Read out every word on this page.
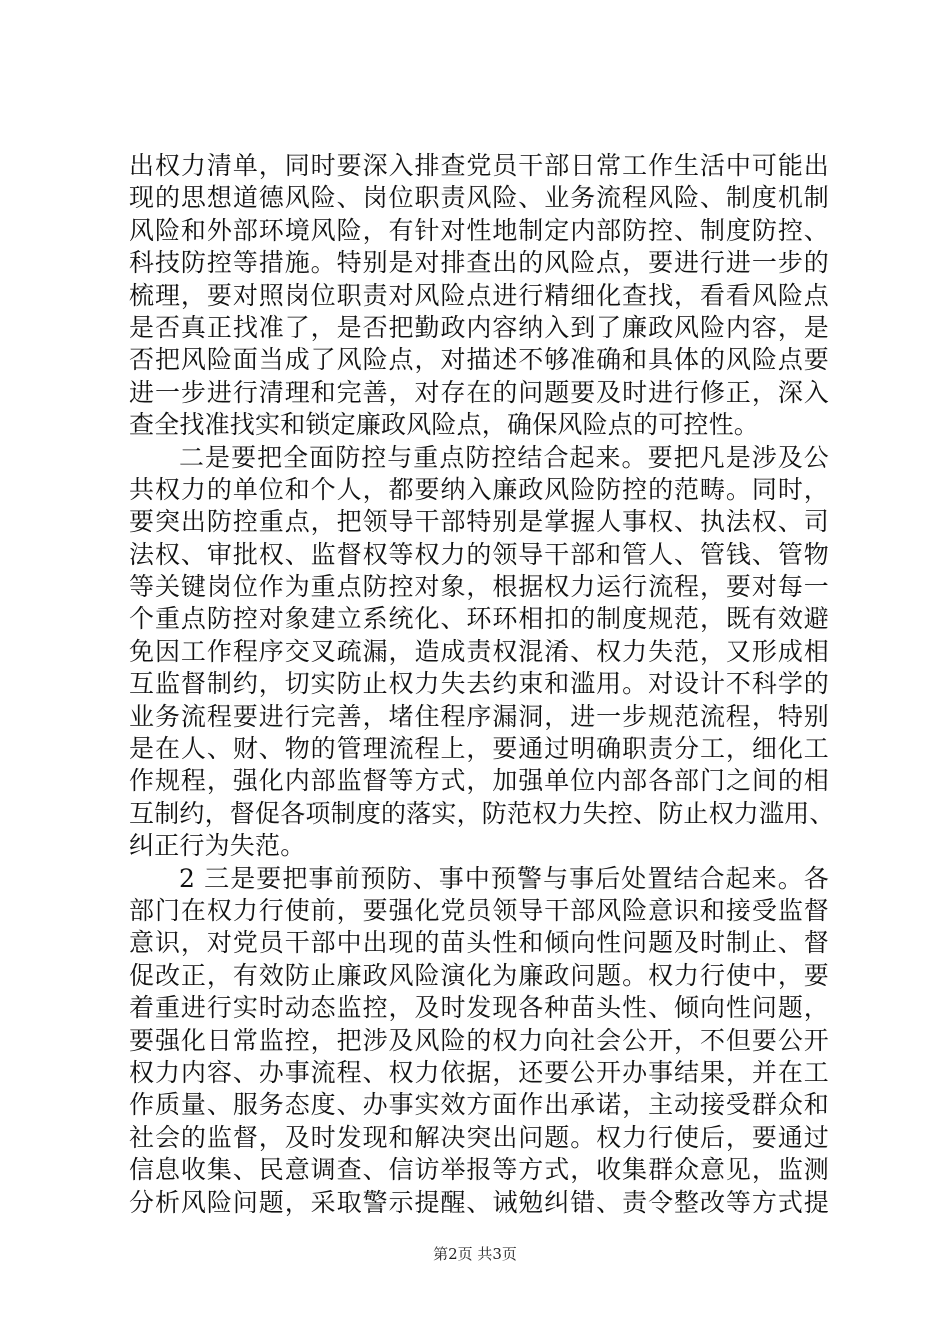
出权力清单，同时要深入排查党员干部日常工作生活中可能出
现的思想道德风险、岗位职责风险、业务流程风险、制度机制
风险和外部环境风险，有针对性地制定内部防控、制度防控、
科技防控等措施。特别是对排查出的风险点，要进行进一步的
梳理，要对照岗位职责对风险点进行精细化查找，看看风险点
是否真正找准了，是否把勤政内容纳入到了廉政风险内容，是
否把风险面当成了风险点，对描述不够准确和具体的风险点要
进一步进行清理和完善，对存在的问题要及时进行修正，深入
查全找准找实和锁定廉政风险点，确保风险点的可控性。
二是要把全面防控与重点防控结合起来。要把凡是涉及公
共权力的单位和个人，都要纳入廉政风险防控的范畴。同时，
要突出防控重点，把领导干部特别是掌握人事权、执法权、司
法权、审批权、监督权等权力的领导干部和管人、管钱、管物
等关键岗位作为重点防控对象，根据权力运行流程，要对每一
个重点防控对象建立系统化、环环相扣的制度规范，既有效避
免因工作程序交叉疏漏，造成责权混淆、权力失范，又形成相
互监督制约，切实防止权力失去约束和滥用。对设计不科学的
业务流程要进行完善，堵住程序漏洞，进一步规范流程，特别
是在人、财、物的管理流程上，要通过明确职责分工，细化工
作规程，强化内部监督等方式，加强单位内部各部门之间的相
互制约，督促各项制度的落实，防范权力失控、防止权力滥用、
纠正行为失范。
2 三是要把事前预防、事中预警与事后处置结合起来。各
部门在权力行使前，要强化党员领导干部风险意识和接受监督
意识，对党员干部中出现的苗头性和倾向性问题及时制止、督
促改正，有效防止廉政风险演化为廉政问题。权力行使中，要
着重进行实时动态监控，及时发现各种苗头性、倾向性问题，
要强化日常监控，把涉及风险的权力向社会公开，不但要公开
权力内容、办事流程、权力依据，还要公开办事结果，并在工
作质量、服务态度、办事实效方面作出承诺，主动接受群众和
社会的监督，及时发现和解决突出问题。权力行使后，要通过
信息收集、民意调查、信访举报等方式，收集群众意见，监测
分析风险问题，采取警示提醒、诫勉纠错、责令整改等方式提
第2页 共3页
